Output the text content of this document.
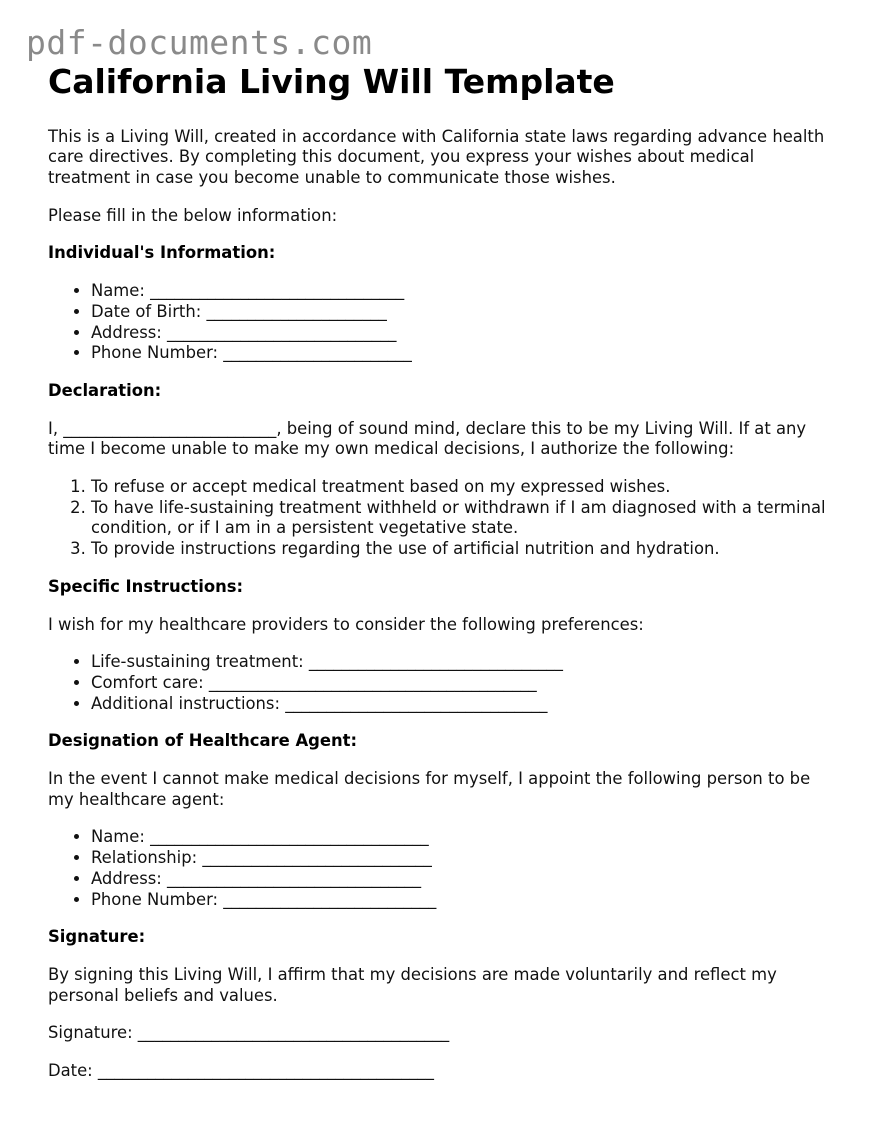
pdf-documents.com
California Living Will Template

This is a Living Will, created in accordance with California state laws regarding advance health care directives. By completing this document, you express your wishes about medical treatment in case you become unable to communicate those wishes.

Please fill in the below information:

Individual's Information:
• Name: _______________________________
• Date of Birth: ______________________
• Address: ____________________________
• Phone Number: _______________________
Declaration:

I, __________________________, being of sound mind, declare this to be my Living Will. If at any time I become unable to make my own medical decisions, I authorize the following:

1. To refuse or accept medical treatment based on my expressed wishes.
2. To have life-sustaining treatment withheld or withdrawn if I am diagnosed with a terminal condition, or if I am in a persistent vegetative state.
3. To provide instructions regarding the use of artificial nutrition and hydration.
Specific Instructions:

I wish for my healthcare providers to consider the following preferences:

• Life-sustaining treatment: _______________________________
• Comfort care: ________________________________________
• Additional instructions: ________________________________
Designation of Healthcare Agent:

In the event I cannot make medical decisions for myself, I appoint the following person to be my healthcare agent:

• Name: __________________________________
• Relationship: ____________________________
• Address: _______________________________
• Phone Number: __________________________
Signature:

By signing this Living Will, I affirm that my decisions are made voluntarily and reflect my personal beliefs and values.

Signature: ______________________________________

Date: _________________________________________
